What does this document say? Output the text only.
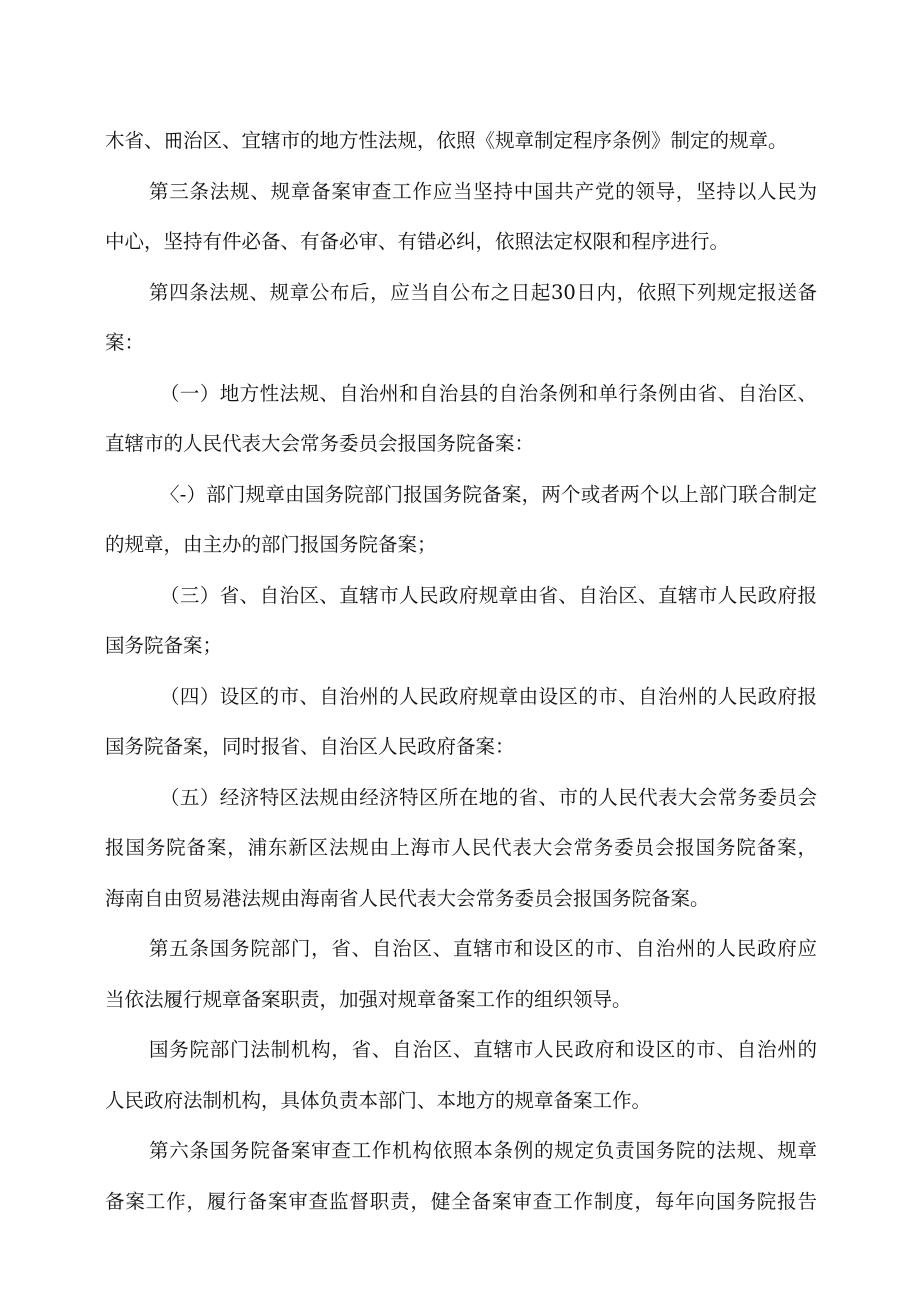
木省、𠕁治区、宜辖市的地方性法规，依照《规章制定程序条例》制定的规章。
第三条法规、规章备案审查工作应当坚持中国共产党的领导，坚持以人民为
中心，坚持有件必备、有备必审、有错必纠，依照法定权限和程序进行。
第四条法规、规章公布后，应当自公布之日起30日内，依照下列规定报送备
案：
（一）地方性法规、自治州和自治县的自治条例和单行条例由省、自治区、
直辖市的人民代表大会常务委员会报国务院备案：
〈-）部门规章由国务院部门报国务院备案，两个或者两个以上部门联合制定
的规章，由主办的部门报国务院备案；
（三）省、自治区、直辖市人民政府规章由省、自治区、直辖市人民政府报
国务院备案；
（四）设区的市、自治州的人民政府规章由设区的市、自治州的人民政府报
国务院备案，同时报省、自治区人民政府备案：
（五）经济特区法规由经济特区所在地的省、市的人民代表大会常务委员会
报国务院备案，浦东新区法规由上海市人民代表大会常务委员会报国务院备案，
海南自由贸易港法规由海南省人民代表大会常务委员会报国务院备案。
第五条国务院部门，省、自治区、直辖市和设区的市、自治州的人民政府应
当依法履行规章备案职责，加强对规章备案工作的组织领导。
国务院部门法制机构，省、自治区、直辖市人民政府和设区的市、自治州的
人民政府法制机构，具体负责本部门、本地方的规章备案工作。
第六条国务院备案审查工作机构依照本条例的规定负责国务院的法规、规章
备案工作，履行备案审查监督职责，健全备案审查工作制度，每年向国务院报告
